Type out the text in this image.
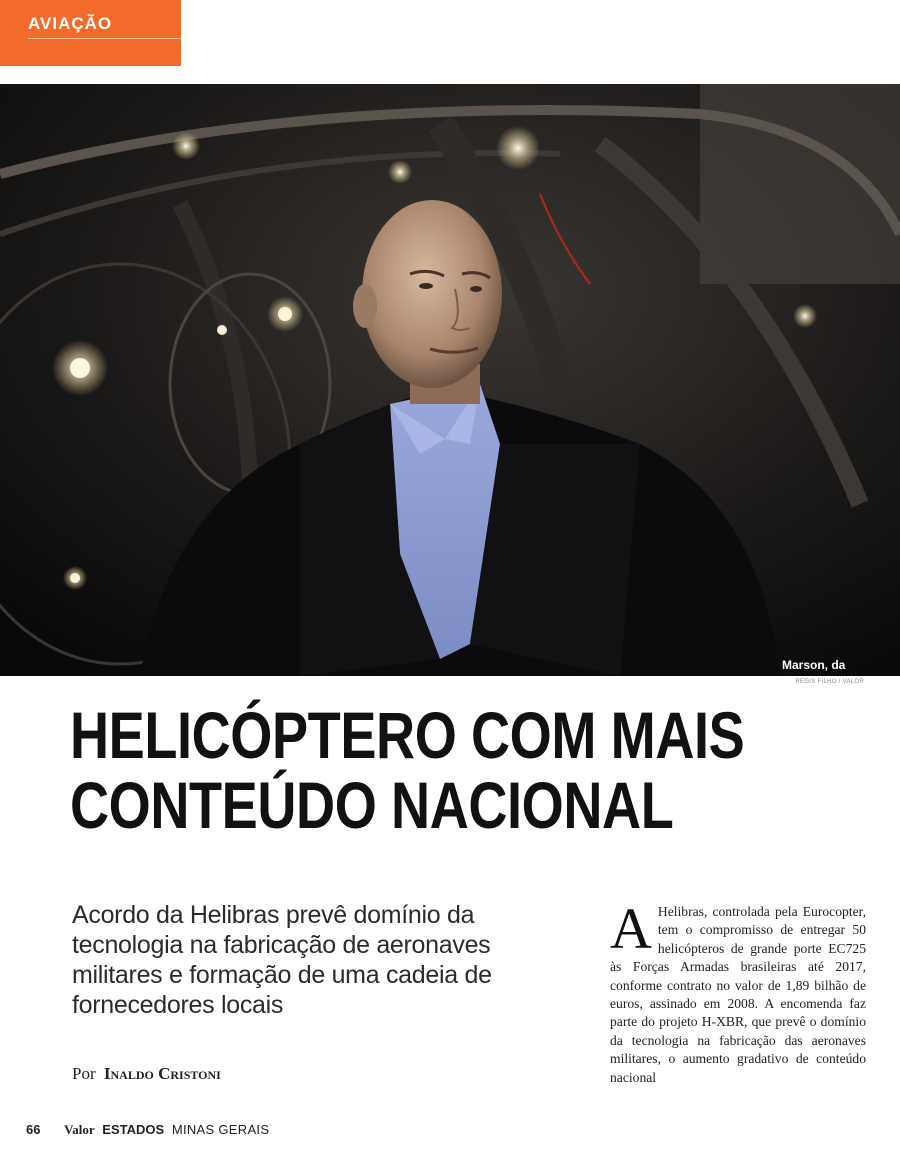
AVIAÇÃO
Marson, da
REGIS FILHO / VALOR
HELICÓPTERO COM MAIS
CONTEÚDO NACIONAL

Acordo da Helibras prevê domínio da tecnologia na fabricação de aeronaves militares e formação de uma cadeia de fornecedores locais

Por Inaldo Cristoni
A Helibras, controlada pela Eurocopter, tem o compromisso de entregar 50 helicópteros de grande porte EC725 às Forças Armadas brasileiras até 2017, conforme contrato no valor de 1,89 bilhão de euros, assinado em 2008. A encomenda faz parte do projeto H-XBR, que prevê o domínio da tecnologia na fabricação das aeronaves militares, o aumento gradativo de conteúdo nacional
66 Valor ESTADOS MINAS GERAIS
